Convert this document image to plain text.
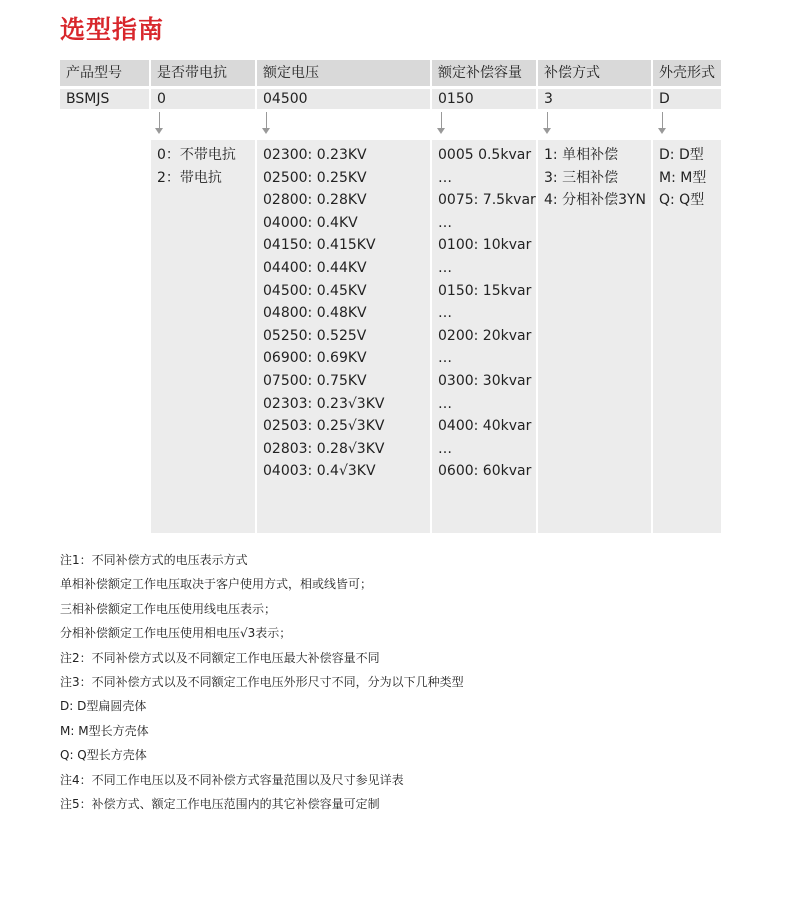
选型指南
产品型号
BSMJS
是否带电抗
0
0：不带电抗
2：带电抗
额定电压
04500
02300: 0.23KV
02500: 0.25KV
02800: 0.28KV
04000: 0.4KV
04150: 0.415KV
04400: 0.44KV
04500: 0.45KV
04800: 0.48KV
05250: 0.525V
06900: 0.69KV
07500: 0.75KV
02303: 0.23√3KV
02503: 0.25√3KV
02803: 0.28√3KV
04003: 0.4√3KV
额定补偿容量
0150
0005 0.5kvar
…
0075: 7.5kvar
…
0100: 10kvar
…
0150: 15kvar
…
0200: 20kvar
…
0300: 30kvar
…
0400: 40kvar
…
0600: 60kvar
补偿方式
3
1: 单相补偿
3: 三相补偿
4: 分相补偿3YN
外壳形式
D
D: D型
M: M型
Q: Q型
注1：不同补偿方式的电压表示方式
单相补偿额定工作电压取决于客户使用方式，相或线皆可；
三相补偿额定工作电压使用线电压表示；
分相补偿额定工作电压使用相电压√3表示；
注2：不同补偿方式以及不同额定工作电压最大补偿容量不同
注3：不同补偿方式以及不同额定工作电压外形尺寸不同，分为以下几种类型
D: D型扁圆壳体
M: M型长方壳体
Q: Q型长方壳体
注4：不同工作电压以及不同补偿方式容量范围以及尺寸参见详表
注5：补偿方式、额定工作电压范围内的其它补偿容量可定制
